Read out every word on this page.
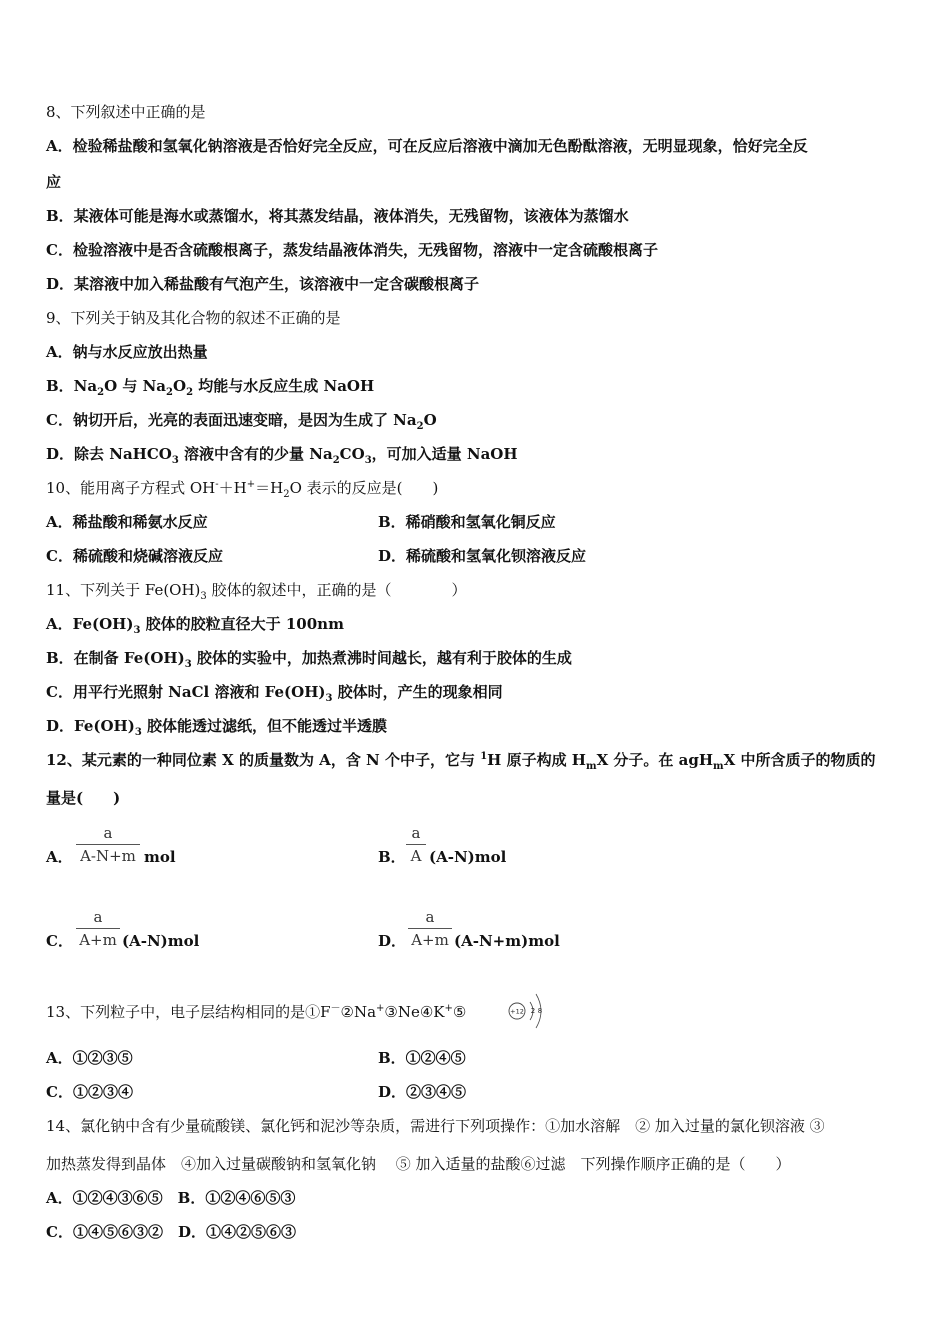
8、下列叙述中正确的是
A．检验稀盐酸和氢氧化钠溶液是否恰好完全反应，可在反应后溶液中滴加无色酚酞溶液，无明显现象，恰好完全反
应
B．某液体可能是海水或蒸馏水，将其蒸发结晶，液体消失，无残留物，该液体为蒸馏水
C．检验溶液中是否含硫酸根离子，蒸发结晶液体消失，无残留物，溶液中一定含硫酸根离子
D．某溶液中加入稀盐酸有气泡产生，该溶液中一定含碳酸根离子
9、下列关于钠及其化合物的叙述不正确的是
A．钠与水反应放出热量
B．$Na_2O$ 与 $Na_2O_2$ 均能与水反应生成 NaOH
C．钠切开后，光亮的表面迅速变暗，是因为生成了 $Na_2O$
D．除去 NaHCO$_3$ 溶液中含有的少量 $Na_2CO_3$，可加入适量 NaOH
10、能用离子方程式 $OH^-+H^+=H_2O$ 表示的反应是(　　)
A．稀盐酸和稀氨水反应	B．稀硝酸和氢氧化铜反应
C．稀硫酸和烧碱溶液反应	D．稀硫酸和氢氧化钡溶液反应
11、下列关于 $Fe(OH)_3$ 胶体的叙述中，正确的是（　　　　）
A．$Fe(OH)_3$ 胶体的胶粒直径大于 100nm
B．在制备 $Fe(OH)_3$ 胶体的实验中，加热煮沸时间越长，越有利于胶体的生成
C．用平行光照射 NaCl 溶液和 $Fe(OH)_3$ 胶体时，产生的现象相同
D．$Fe(OH)_3$ 胶体能透过滤纸，但不能透过半透膜
12、某元素的一种同位素 X 的质量数为 A，含 N 个中子，它与 $^1$H 原子构成 $H_mX$ 分子。在 agH$_m$X 中所含质子的物质的
量是(　　)
A．
a
A-N+m mol	B．
a
A (A-N)mol
C．
a
A+m (A-N)mol	D．
a
A+m (A-N+m)mol
13、下列粒子中，电子层结构相同的是①F－②Na+③Ne④K+⑤	+12 2 8
A．①②③⑤	B．①②④⑤
C．①②③④	D．②③④⑤
14、氯化钠中含有少量硫酸镁、氯化钙和泥沙等杂质，需进行下列项操作：①加水溶解　② 加入过量的氯化钡溶液 ③
加热蒸发得到晶体　④加入过量碳酸钠和氢氧化钠　 ⑤ 加入适量的盐酸⑥过滤　下列操作顺序正确的是（　　）
A．①②④③⑥⑤　B．①②④⑥⑤③
C．①④⑤⑥③②　D．①④②⑤⑥③
